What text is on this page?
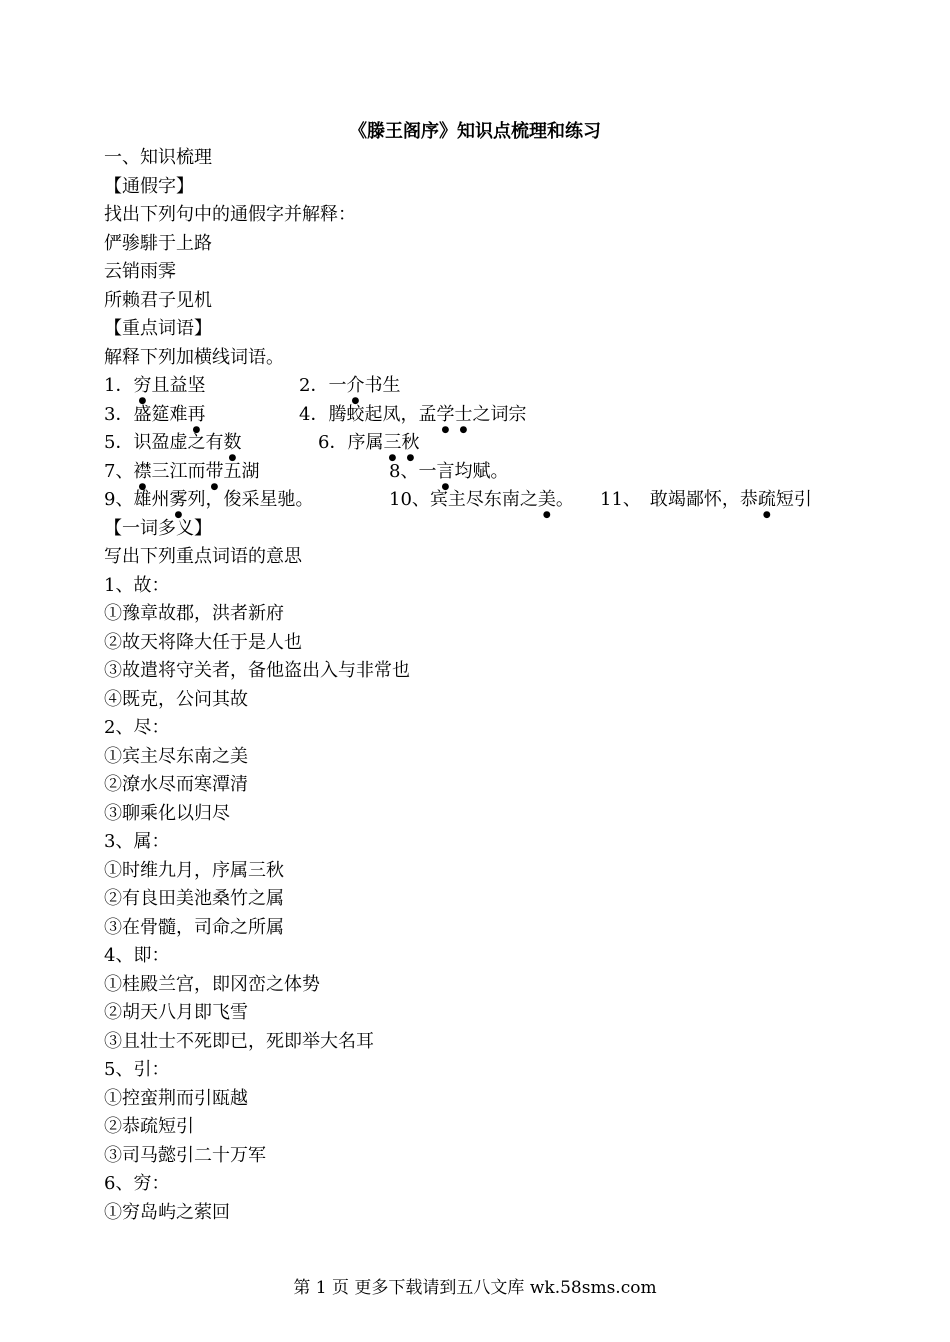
《滕王阁序》知识点梳理和练习
一、知识梳理
【通假字】
找出下列句中的通假字并解释：
俨骖騑于上路
云销雨霁
所赖君子见机
【重点词语】
解释下列加横线词语。
1．穷且益坚	2．一介书生
3．盛筵难再	4．腾蛟起凤，孟学士之词宗
5．识盈虚之有数	6．序属三秋
7、襟三江而带五湖	8、一言均赋。
9、雄州雾列，俊采星驰。	10、宾主尽东南之美。 11、　敢竭鄙怀，恭疏短引
【一词多义】
写出下列重点词语的意思
1、故：
①豫章故郡，洪者新府
②故天将降大任于是人也
③故遣将守关者，备他盗出入与非常也
④既克，公问其故
2、尽：
①宾主尽东南之美
②潦水尽而寒潭清
③聊乘化以归尽
3、属：
①时维九月，序属三秋
②有良田美池桑竹之属
③在骨髓，司命之所属
4、即：
①桂殿兰宫，即冈峦之体势
②胡天八月即飞雪
③且壮士不死即已，死即举大名耳
5、引：
①控蛮荆而引瓯越
②恭疏短引
③司马懿引二十万军
6、穷：
①穷岛屿之萦回
第 1 页 更多下载请到五八文库 wk.58sms.com
